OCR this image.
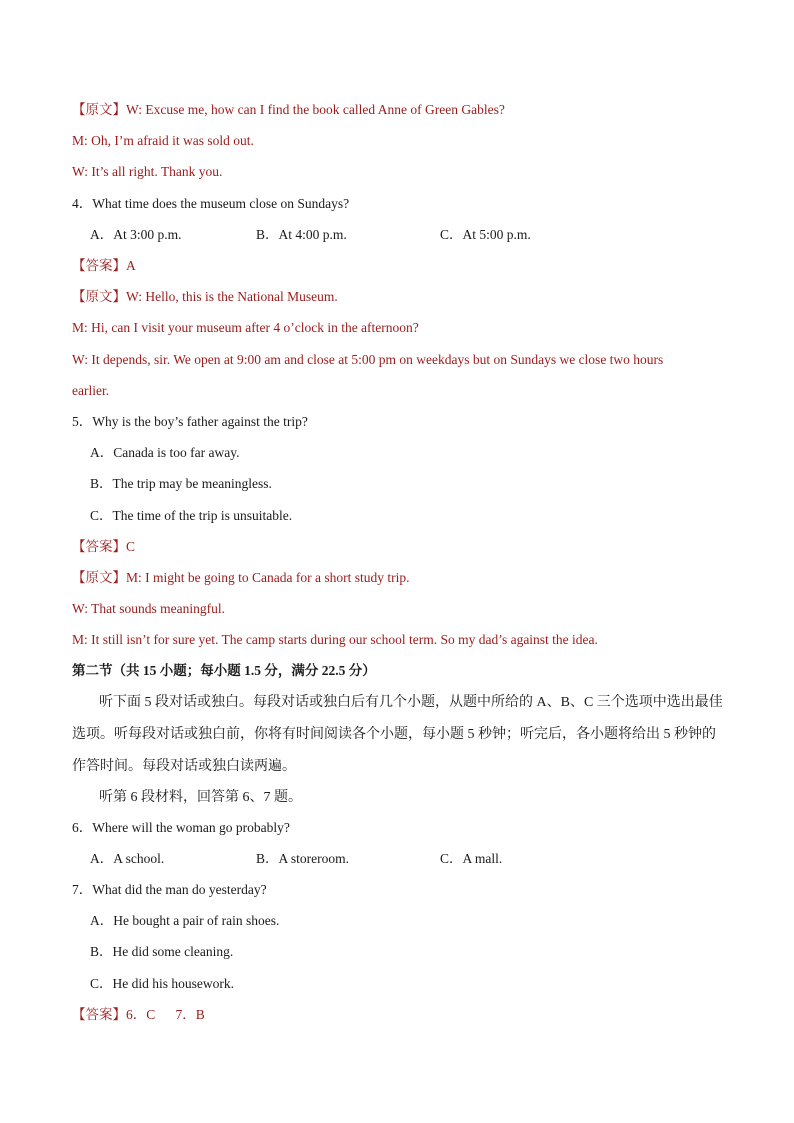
【原文】W: Excuse me, how can I find the book called Anne of Green Gables?
M: Oh, I’m afraid it was sold out.
W: It’s all right. Thank you.
4．What time does the museum close on Sundays?
A．At 3:00 p.m.	B．At 4:00 p.m.	C．At 5:00 p.m.
【答案】A
【原文】W: Hello, this is the National Museum.
M: Hi, can I visit your museum after 4 o’clock in the afternoon?
W: It depends, sir. We open at 9:00 am and close at 5:00 pm on weekdays but on Sundays we close two hours
earlier.
5．Why is the boy’s father against the trip?
A．Canada is too far away.
B．The trip may be meaningless.
C．The time of the trip is unsuitable.
【答案】C
【原文】M: I might be going to Canada for a short study trip.
W: That sounds meaningful.
M: It still isn’t for sure yet. The camp starts during our school term. So my dad’s against the idea.
第二节（共 15 小题；每小题 1.5 分，满分 22.5 分）
听下面 5 段对话或独白。每段对话或独白后有几个小题，从题中所给的 A、B、C 三个选项中选出最佳
选项。听每段对话或独白前，你将有时间阅读各个小题，每小题 5 秒钟；听完后，各小题将给出 5 秒钟的
作答时间。每段对话或独白读两遍。
听第 6 段材料，回答第 6、7 题。
6．Where will the woman go probably?
A．A school.	B．A storeroom.	C．A mall.
7．What did the man do yesterday?
A．He bought a pair of rain shoes.
B．He did some cleaning.
C．He did his housework.
【答案】6．C      7．B
